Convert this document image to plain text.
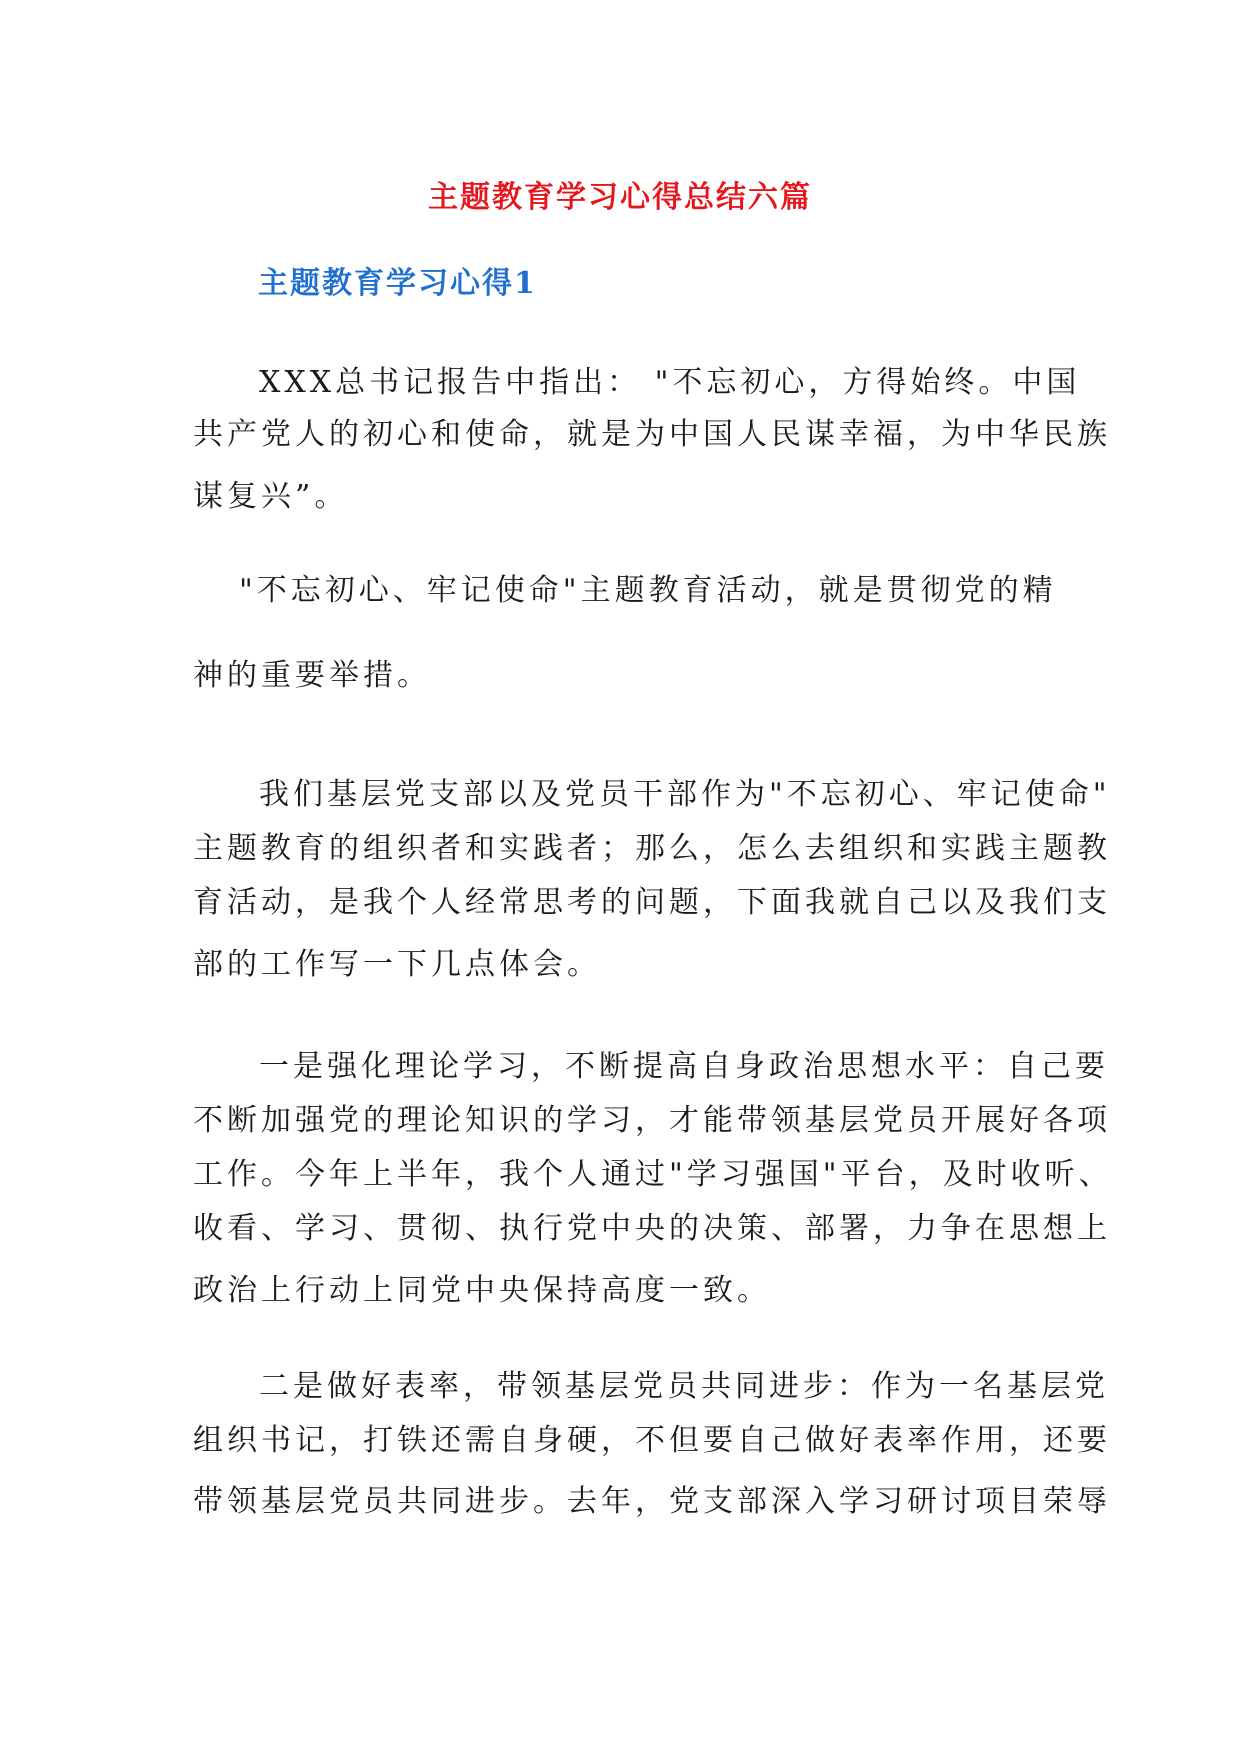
主题教育学习心得总结六篇
主题教育学习心得1
XXX总书记报告中指出： "不忘初心，方得始终。中国
共产党人的初心和使命，就是为中国人民谋幸福，为中华民族
谋复兴”。
"不忘初心、牢记使命"主题教育活动，就是贯彻党的精
神的重要举措。
我们基层党支部以及党员干部作为"不忘初心、牢记使命"
主题教育的组织者和实践者；那么，怎么去组织和实践主题教
育活动，是我个人经常思考的问题，下面我就自己以及我们支
部的工作写一下几点体会。
一是强化理论学习，不断提高自身政治思想水平：自己要
不断加强党的理论知识的学习，才能带领基层党员开展好各项
工作。今年上半年，我个人通过"学习强国"平台，及时收听、
收看、学习、贯彻、执行党中央的决策、部署，力争在思想上
政治上行动上同党中央保持高度一致。
二是做好表率，带领基层党员共同进步：作为一名基层党
组织书记，打铁还需自身硬，不但要自己做好表率作用，还要
带领基层党员共同进步。去年，党支部深入学习研讨项目荣辱
